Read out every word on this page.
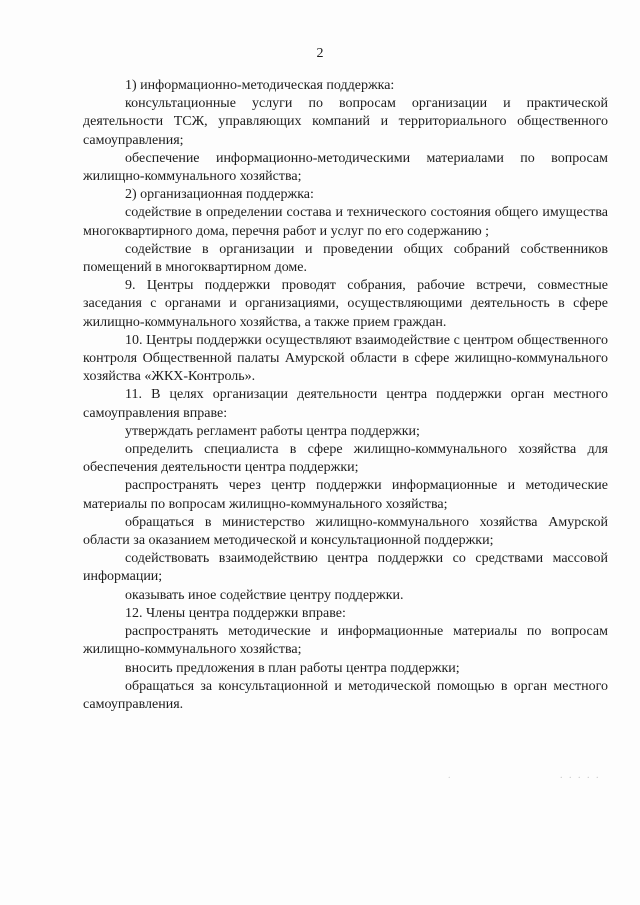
2

1) информационно-методическая поддержка:

консультационные услуги по вопросам организации и практической деятельности ТСЖ, управляющих компаний и территориального общественного самоуправления;

обеспечение информационно-методическими материалами по вопросам жилищно-коммунального хозяйства;

2) организационная поддержка:

содействие в определении состава и технического состояния общего имущества многоквартирного дома, перечня работ и услуг по его содержанию ;

содействие в организации и проведении общих собраний собственников помещений в многоквартирном доме.

9. Центры поддержки проводят собрания, рабочие встречи, совместные заседания с органами и организациями, осуществляющими деятельность в сфере жилищно-коммунального хозяйства, а также прием граждан.

10. Центры поддержки осуществляют взаимодействие с центром общественного контроля Общественной палаты Амурской области в сфере жилищно-коммунального хозяйства «ЖКХ-Контроль».

11. В целях организации деятельности центра поддержки орган местного самоуправления вправе:

утверждать регламент работы центра поддержки;

определить специалиста в сфере жилищно-коммунального хозяйства для обеспечения деятельности центра поддержки;

распространять через центр поддержки информационные и методические материалы по вопросам жилищно-коммунального хозяйства;

обращаться в министерство жилищно-коммунального хозяйства Амурской области за оказанием методической и консультационной поддержки;

содействовать взаимодействию центра поддержки со средствами массовой информации;

оказывать иное содействие центру поддержки.

12. Члены центра поддержки вправе:

распространять методические и информационные материалы по вопросам жилищно-коммунального хозяйства;

вносить предложения в план работы центра поддержки;

обращаться за консультационной и методической помощью в орган местного самоуправления.

.	. . . . .
